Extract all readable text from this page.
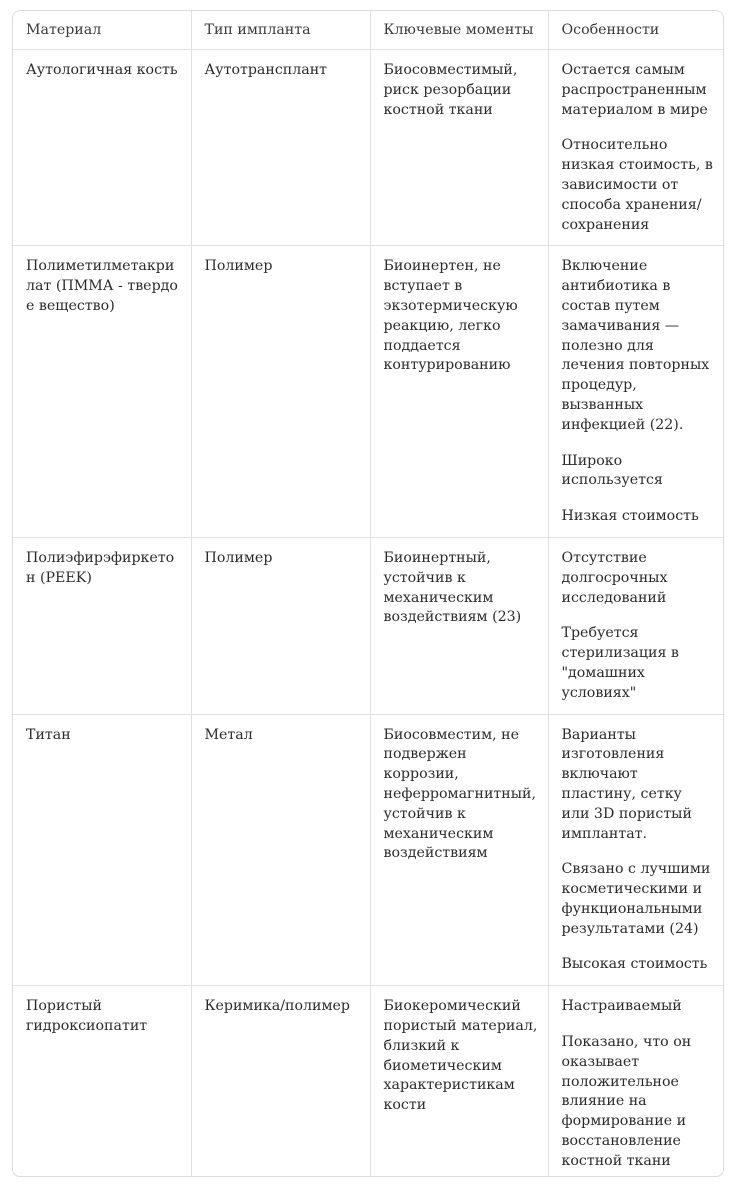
Материал	Тип импланта	Ключевые моменты	Особенности
Аутологичная кость	Аутотрансплант	Биосовместимый, риск резорбации костной ткани	Остается самым распространенным материалом в мире
Относительно низкая стоимость, в зависимости от способа хранения/ сохранения

Полиметилметакрилат (ПММА - твердое вещество)	Полимер	Биоинертен, не вступает в экзотермическую реакцию, легко поддается контурированию	Включение антибиотика в состав путем замачивания — полезно для лечения повторных процедур, вызванных инфекцией (22).
Широко используется
Низкая стоимость

Полиэфирэфиркетон (PEEK)	Полимер	Биоинертный, устойчив к механическим воздействиям (23)	Отсутствие долгосрочных исследований
Требуется стерилизация в "домашних условиях"

Титан	Метал	Биосовместим, не подвержен коррозии, неферромагнитный, устойчив к механическим воздействиям	Варианты изготовления включают пластину, сетку или 3D пористый имплантат.
Связано с лучшими косметическими и функциональными результатами (24)
Высокая стоимость

Пористый гидроксиопатит	Керимика/полимер	Биокеромический пористый материал, близкий к биометическим характеристикам кости	Настраиваемый
Показано, что он оказывает положительное влияние на формирование и восстановление костной ткани
